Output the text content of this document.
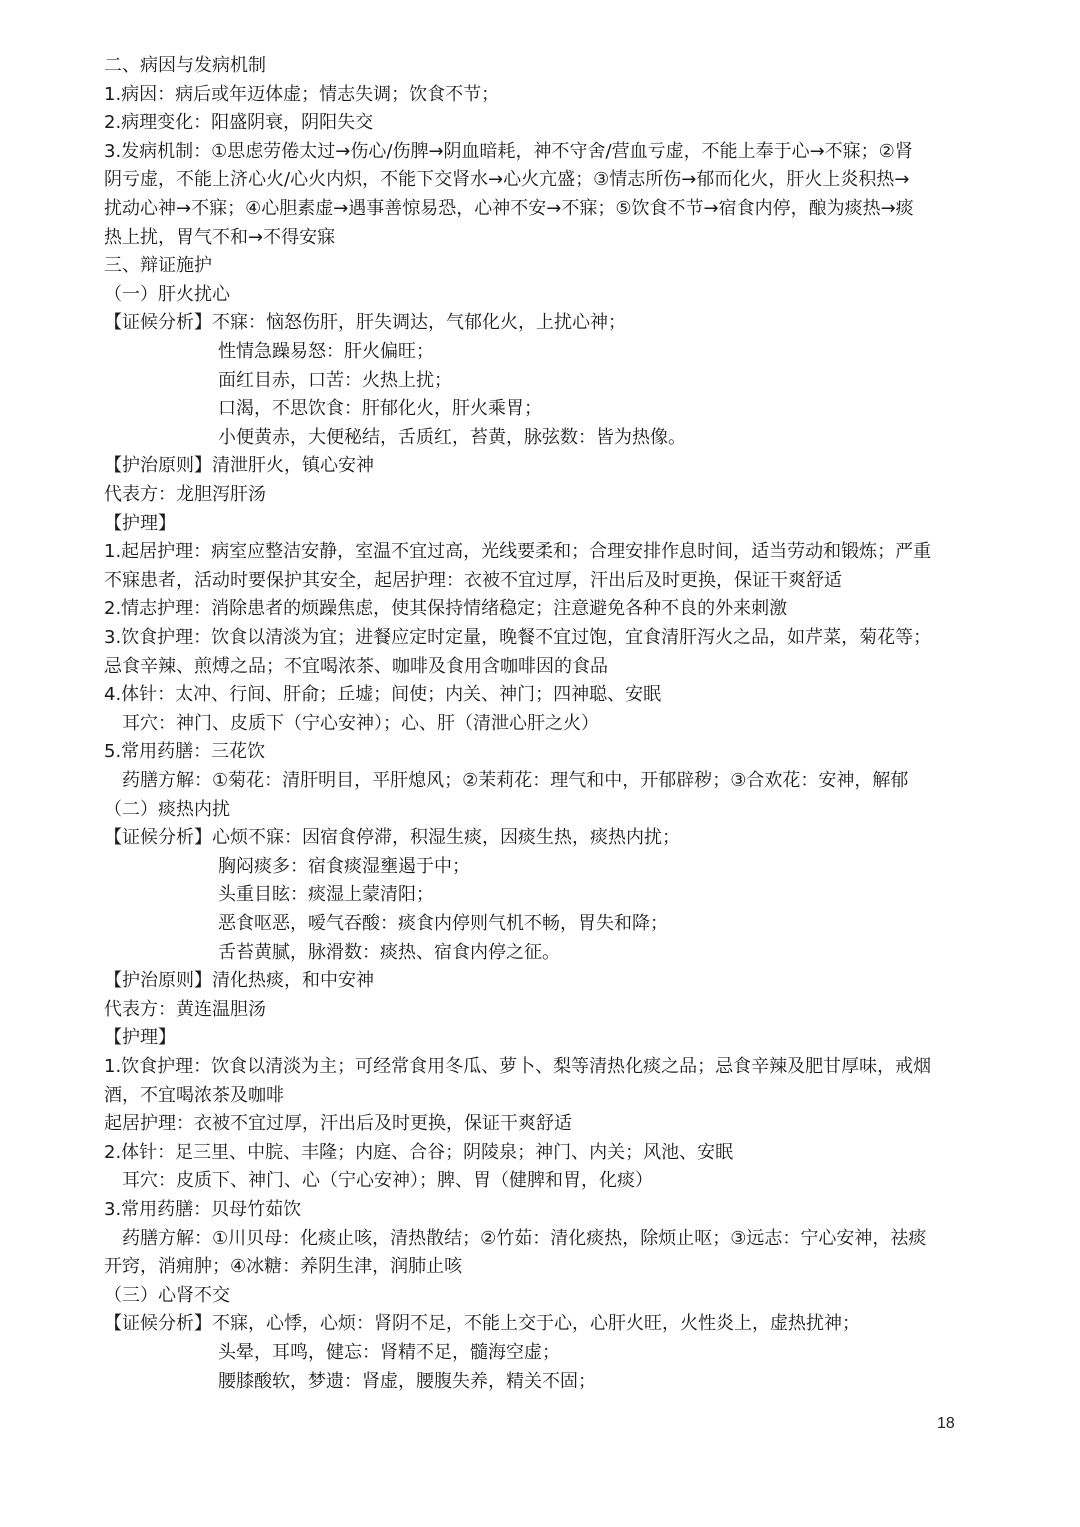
二、病因与发病机制
1.病因：病后或年迈体虚；情志失调；饮食不节；
2.病理变化：阳盛阴衰，阴阳失交
3.发病机制：①思虑劳倦太过→伤心/伤脾→阴血暗耗，神不守舍/营血亏虚，不能上奉于心→不寐；②肾
阴亏虚，不能上济心火/心火内炽，不能下交肾水→心火亢盛；③情志所伤→郁而化火，肝火上炎积热→
扰动心神→不寐；④心胆素虚→遇事善惊易恐，心神不安→不寐；⑤饮食不节→宿食内停，酿为痰热→痰
热上扰，胃气不和→不得安寐
三、辩证施护
（一）肝火扰心
【证候分析】不寐：恼怒伤肝，肝失调达，气郁化火，上扰心神；
性情急躁易怒：肝火偏旺；
面红目赤，口苦：火热上扰；
口渴，不思饮食：肝郁化火，肝火乘胃；
小便黄赤，大便秘结，舌质红，苔黄，脉弦数：皆为热像。
【护治原则】清泄肝火，镇心安神
代表方：龙胆泻肝汤
【护理】
1.起居护理：病室应整洁安静，室温不宜过高，光线要柔和；合理安排作息时间，适当劳动和锻炼；严重
不寐患者，活动时要保护其安全，起居护理：衣被不宜过厚，汗出后及时更换，保证干爽舒适
2.情志护理：消除患者的烦躁焦虑，使其保持情绪稳定；注意避免各种不良的外来刺激
3.饮食护理：饮食以清淡为宜；进餐应定时定量，晚餐不宜过饱，宜食清肝泻火之品，如芹菜，菊花等；
忌食辛辣、煎煿之品；不宜喝浓茶、咖啡及食用含咖啡因的食品
4.体针：太冲、行间、肝俞；丘墟；间使；内关、神门；四神聪、安眠
耳穴：神门、皮质下（宁心安神）；心、肝（清泄心肝之火）
5.常用药膳：三花饮
药膳方解：①菊花：清肝明目，平肝熄风；②茉莉花：理气和中，开郁辟秽；③合欢花：安神，解郁
（二）痰热内扰
【证候分析】心烦不寐：因宿食停滞，积湿生痰，因痰生热，痰热内扰；
胸闷痰多：宿食痰湿壅遏于中；
头重目眩：痰湿上蒙清阳；
恶食呕恶，嗳气吞酸：痰食内停则气机不畅，胃失和降；
舌苔黄腻，脉滑数：痰热、宿食内停之征。
【护治原则】清化热痰，和中安神
代表方：黄连温胆汤
【护理】
1.饮食护理：饮食以清淡为主；可经常食用冬瓜、萝卜、梨等清热化痰之品；忌食辛辣及肥甘厚味，戒烟
酒，不宜喝浓茶及咖啡
起居护理：衣被不宜过厚，汗出后及时更换，保证干爽舒适
2.体针：足三里、中脘、丰隆；内庭、合谷；阴陵泉；神门、内关；风池、安眠
耳穴：皮质下、神门、心（宁心安神）；脾、胃（健脾和胃，化痰）
3.常用药膳：贝母竹茹饮
药膳方解：①川贝母：化痰止咳，清热散结；②竹茹：清化痰热，除烦止呕；③远志：宁心安神，祛痰
开窍，消痈肿；④冰糖：养阴生津，润肺止咳
（三）心肾不交
【证候分析】不寐，心悸，心烦：肾阴不足，不能上交于心，心肝火旺，火性炎上，虚热扰神；
头晕，耳鸣，健忘：肾精不足，髓海空虚；
腰膝酸软，梦遗：肾虚，腰腹失养，精关不固；
18
